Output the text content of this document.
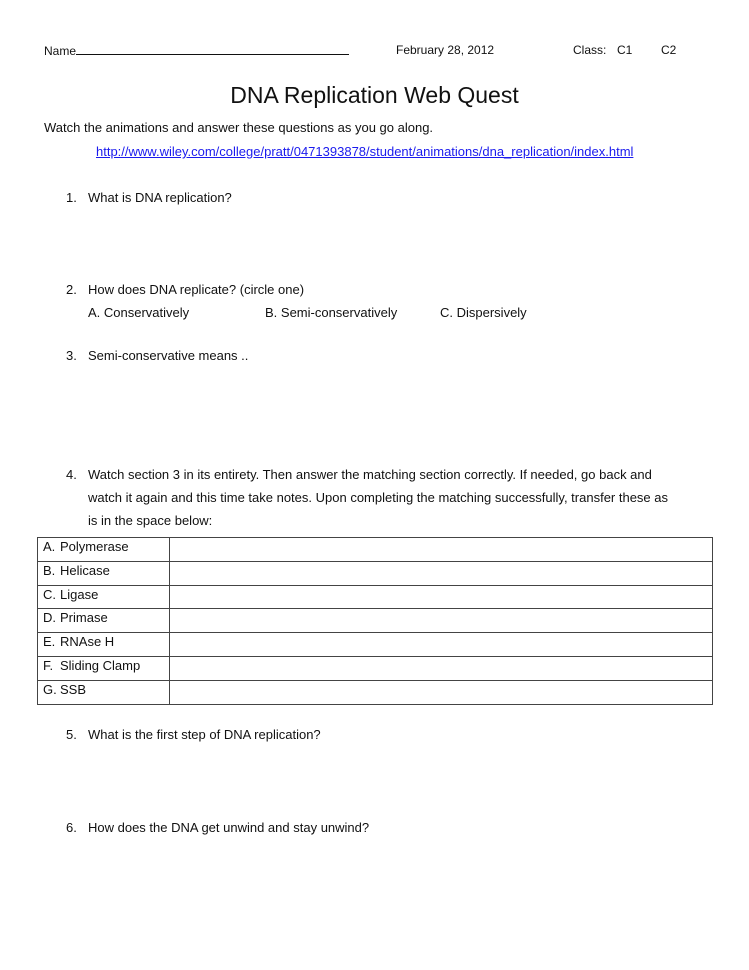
Name	February 28, 2012	Class: C1 C2
DNA Replication Web Quest
Watch the animations and answer these questions as you go along.
http://www.wiley.com/college/pratt/0471393878/student/animations/dna_replication/index.html
1. What is DNA replication?
2. How does DNA replicate? (circle one)
A. Conservatively	B. Semi-conservatively	C. Dispersively
3. Semi-conservative means ..
4. Watch section 3 in its entirety. Then answer the matching section correctly. If needed, go back and
watch it again and this time take notes. Upon completing the matching successfully, transfer these as
is in the space below:
A. Polymerase	
B. Helicase	
C. Ligase	
D. Primase	
E. RNAse H	
F. Sliding Clamp	
G. SSB	
5. What is the first step of DNA replication?
6. How does the DNA get unwind and stay unwind?
